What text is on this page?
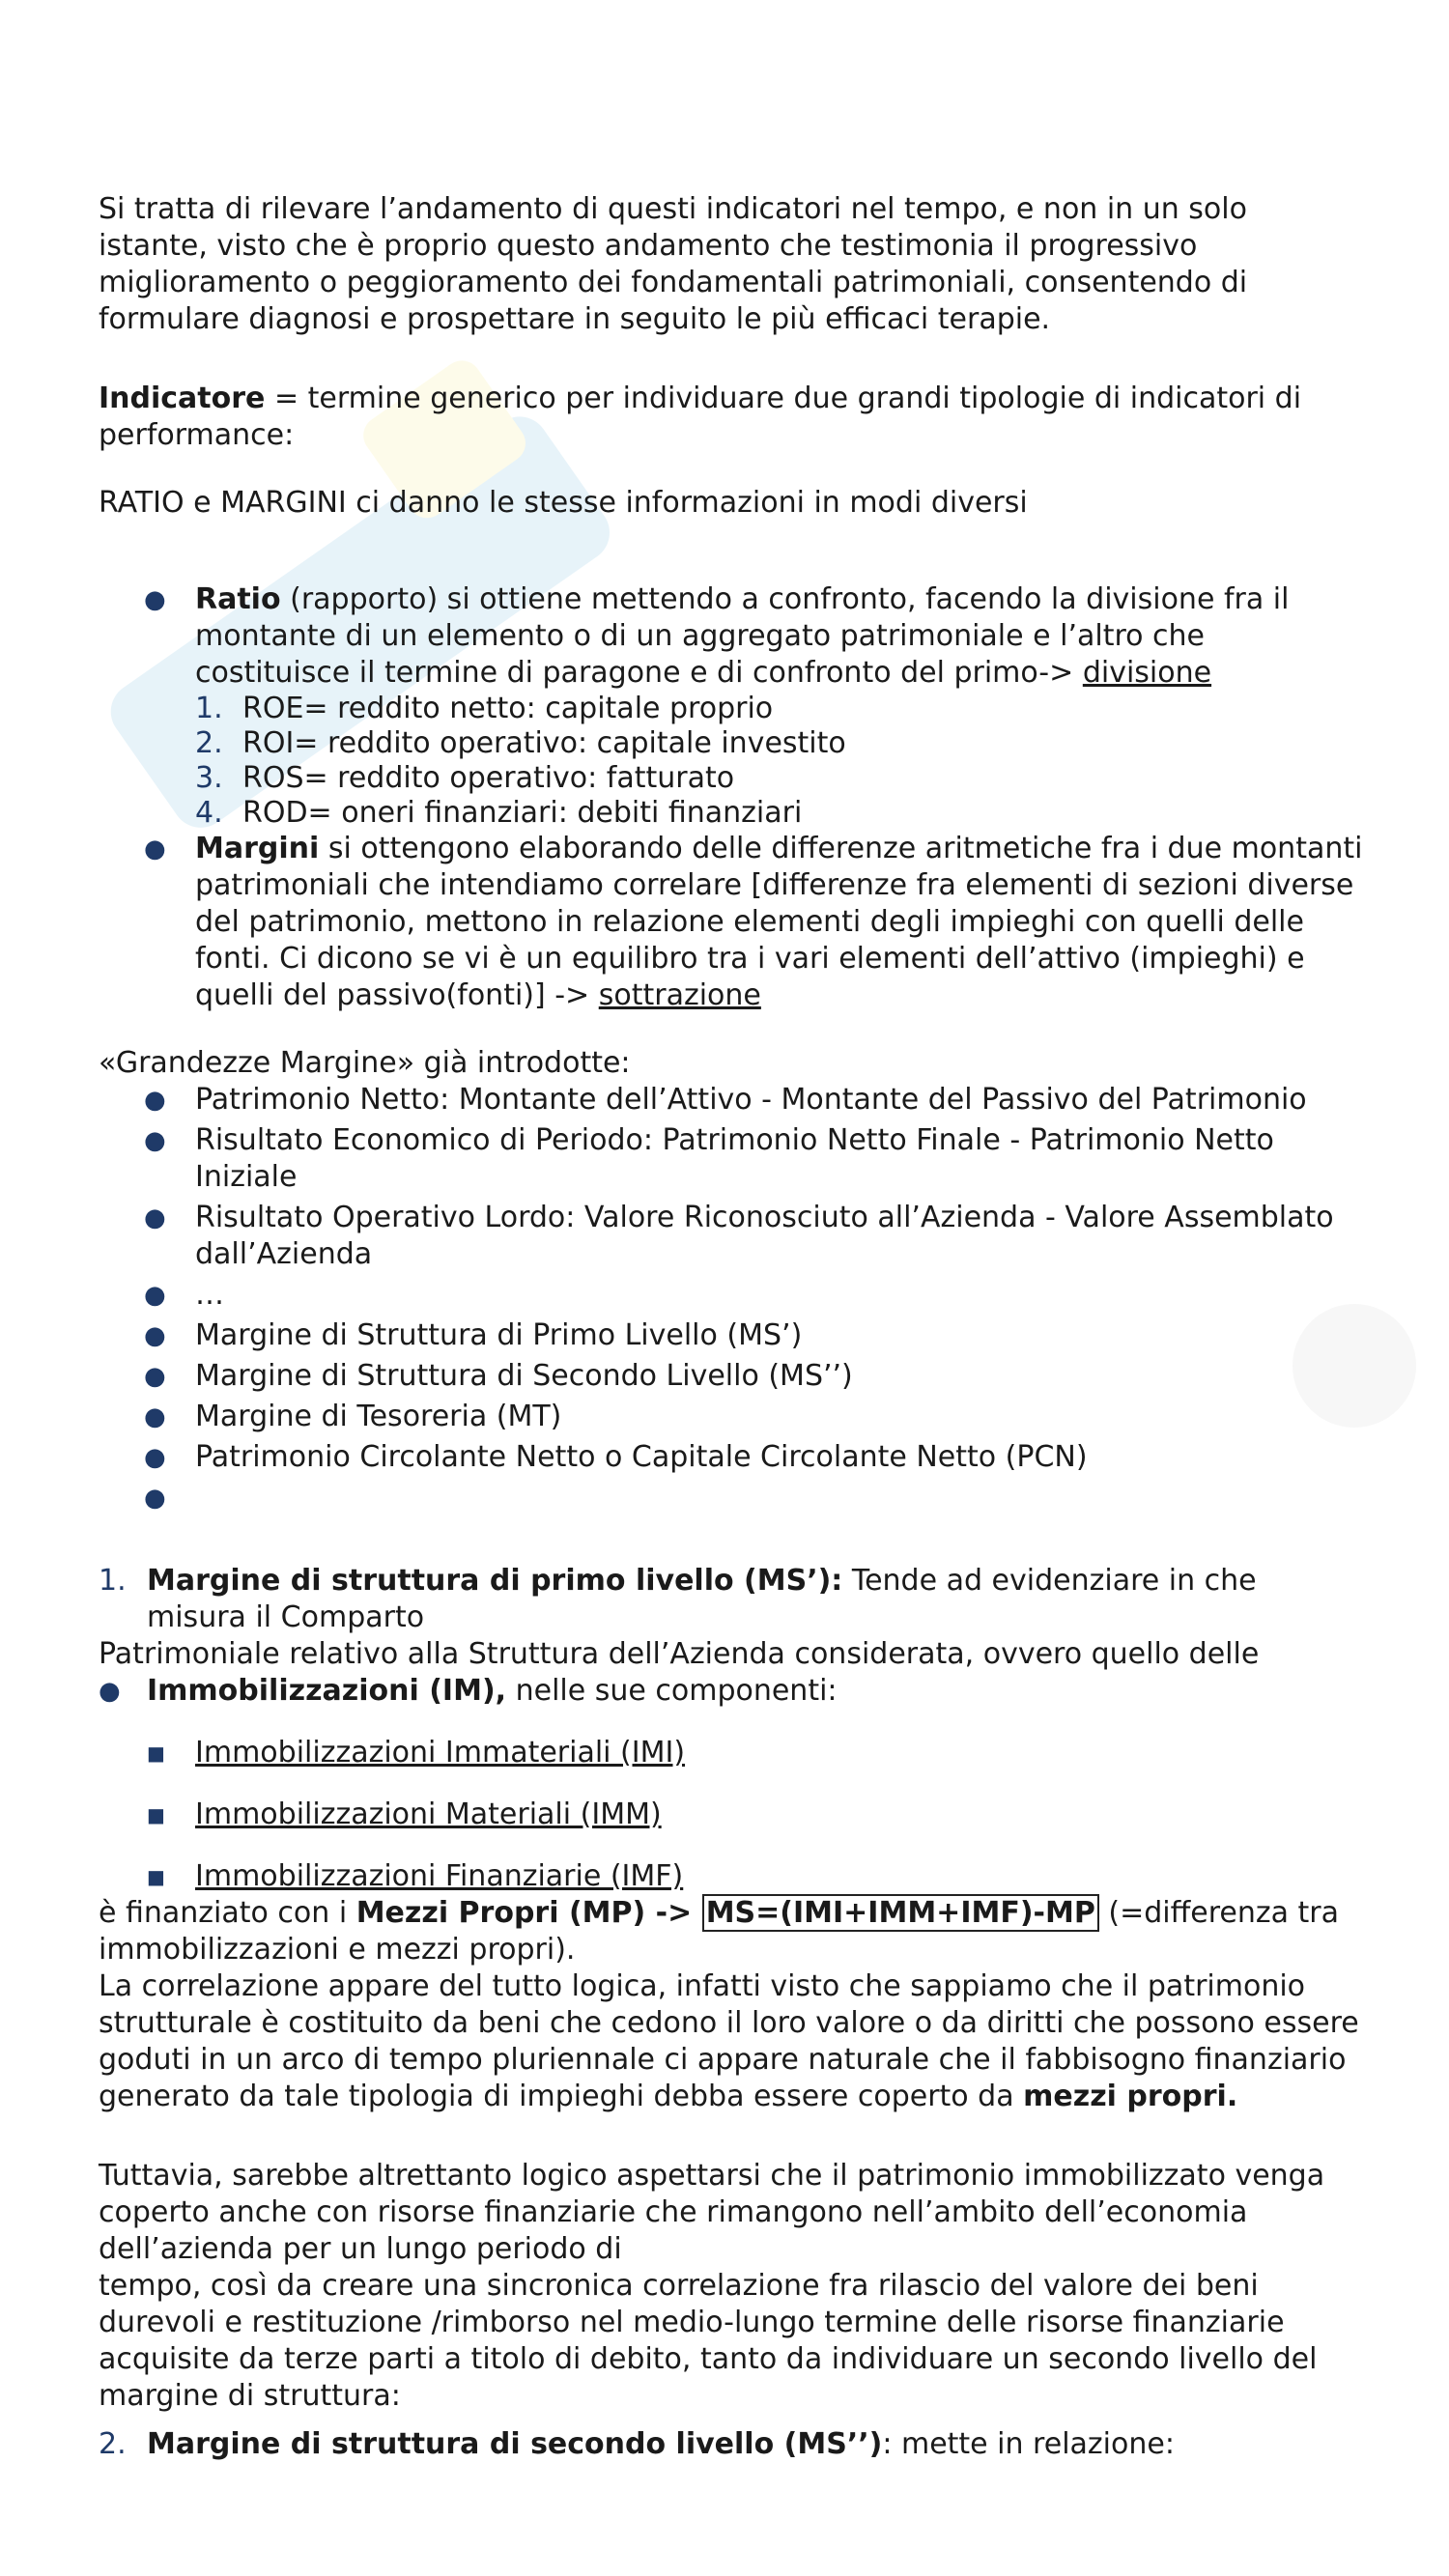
Si tratta di rilevare l’andamento di questi indicatori nel tempo, e non in un solo istante, visto che è proprio questo andamento che testimonia il progressivo miglioramento o peggioramento dei fondamentali patrimoniali, consentendo di formulare diagnosi e prospettare in seguito le più efficaci terapie.

Indicatore = termine generico per individuare due grandi tipologie di indicatori di performance:

RATIO e MARGINI ci danno le stesse informazioni in modi diversi

● Ratio (rapporto) si ottiene mettendo a confronto, facendo la divisione fra il montante di un elemento o di un aggregato patrimoniale e l’altro che costituisce il termine di paragone e di confronto del primo-> divisione
1. ROE= reddito netto: capitale proprio
2. ROI= reddito operativo: capitale investito
3. ROS= reddito operativo: fatturato
4. ROD= oneri finanziari: debiti finanziari
● Margini si ottengono elaborando delle differenze aritmetiche fra i due montanti patrimoniali che intendiamo correlare [differenze fra elementi di sezioni diverse del patrimonio, mettono in relazione elementi degli impieghi con quelli delle fonti. Ci dicono se vi è un equilibro tra i vari elementi dell’attivo (impieghi) e quelli del passivo(fonti)] -> sottrazione

«Grandezze Margine» già introdotte:

● Patrimonio Netto: Montante dell’Attivo - Montante del Passivo del Patrimonio
● Risultato Economico di Periodo: Patrimonio Netto Finale - Patrimonio Netto Iniziale
● Risultato Operativo Lordo: Valore Riconosciuto all’Azienda - Valore Assemblato dall’Azienda
● …
● Margine di Struttura di Primo Livello (MS’)
● Margine di Struttura di Secondo Livello (MS’’)
● Margine di Tesoreria (MT)
● Patrimonio Circolante Netto o Capitale Circolante Netto (PCN)
●

1. Margine di struttura di primo livello (MS’): Tende ad evidenziare in che misura il Comparto

Patrimoniale relativo alla Struttura dell’Azienda considerata, ovvero quello delle

● Immobilizzazioni (IM), nelle sue componenti:
■ Immobilizzazioni Immateriali (IMI)
■ Immobilizzazioni Materiali (IMM)
■ Immobilizzazioni Finanziarie (IMF)

è finanziato con i Mezzi Propri (MP) -> MS=(IMI+IMM+IMF)-MP (=differenza tra immobilizzazioni e mezzi propri).

La correlazione appare del tutto logica, infatti visto che sappiamo che il patrimonio strutturale è costituito da beni che cedono il loro valore o da diritti che possono essere goduti in un arco di tempo pluriennale ci appare naturale che il fabbisogno finanziario generato da tale tipologia di impieghi debba essere coperto da mezzi propri.

Tuttavia, sarebbe altrettanto logico aspettarsi che il patrimonio immobilizzato venga coperto anche con risorse finanziarie che rimangono nell’ambito dell’economia dell’azienda per un lungo periodo di

tempo, così da creare una sincronica correlazione fra rilascio del valore dei beni durevoli e restituzione /rimborso nel medio-lungo termine delle risorse finanziarie acquisite da terze parti a titolo di debito, tanto da individuare un secondo livello del margine di struttura:

2. Margine di struttura di secondo livello (MS’’): mette in relazione:
